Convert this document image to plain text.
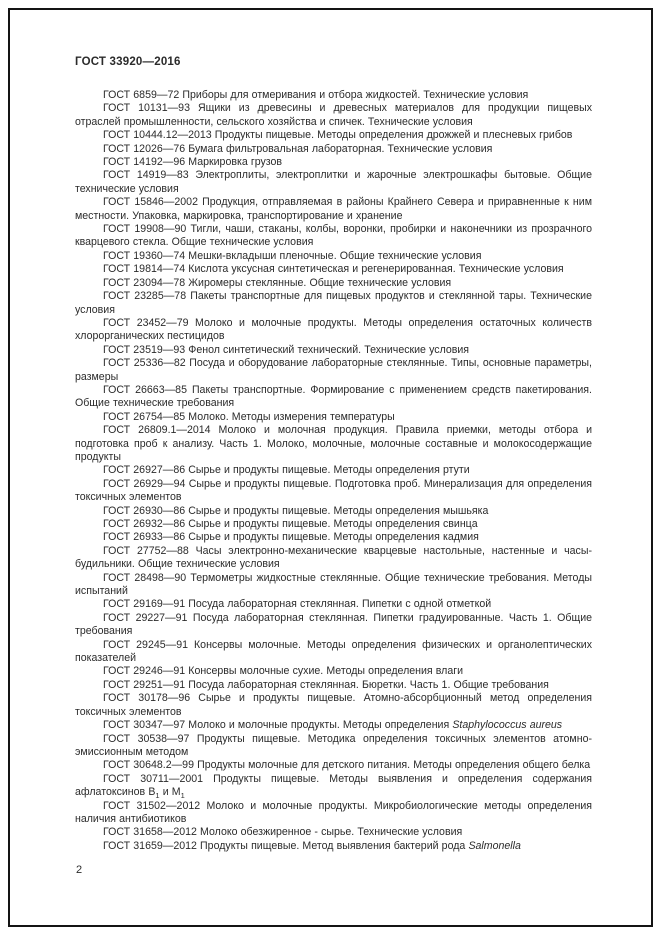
ГОСТ 33920—2016

ГОСТ 6859—72 Приборы для отмеривания и отбора жидкостей. Технические условия

ГОСТ 10131—93 Ящики из древесины и древесных материалов для продукции пищевых отраслей промышленности, сельского хозяйства и спичек. Технические условия

ГОСТ 10444.12—2013 Продукты пищевые. Методы определения дрожжей и плесневых грибов

ГОСТ 12026—76 Бумага фильтровальная лабораторная. Технические условия

ГОСТ 14192—96 Маркировка грузов

ГОСТ 14919—83 Электроплиты, электроплитки и жарочные электрошкафы бытовые. Общие технические условия

ГОСТ 15846—2002 Продукция, отправляемая в районы Крайнего Севера и приравненные к ним местности. Упаковка, маркировка, транспортирование и хранение

ГОСТ 19908—90 Тигли, чаши, стаканы, колбы, воронки, пробирки и наконечники из прозрачного кварцевого стекла. Общие технические условия

ГОСТ 19360—74 Мешки-вкладыши пленочные. Общие технические условия

ГОСТ 19814—74 Кислота уксусная синтетическая и регенерированная. Технические условия

ГОСТ 23094—78 Жиромеры стеклянные. Общие технические условия

ГОСТ 23285—78 Пакеты транспортные для пищевых продуктов и стеклянной тары. Технические условия

ГОСТ 23452—79 Молоко и молочные продукты. Методы определения остаточных количеств хлорорганических пестицидов

ГОСТ 23519—93 Фенол синтетический технический. Технические условия

ГОСТ 25336—82 Посуда и оборудование лабораторные стеклянные. Типы, основные параметры, размеры

ГОСТ 26663—85 Пакеты транспортные. Формирование с применением средств пакетирования. Общие технические требования

ГОСТ 26754—85 Молоко. Методы измерения температуры

ГОСТ 26809.1—2014 Молоко и молочная продукция. Правила приемки, методы отбора и подготовка проб к анализу. Часть 1. Молоко, молочные, молочные составные и молокосодержащие продукты

ГОСТ 26927—86 Сырье и продукты пищевые. Методы определения ртути

ГОСТ 26929—94 Сырье и продукты пищевые. Подготовка проб. Минерализация для определения токсичных элементов

ГОСТ 26930—86 Сырье и продукты пищевые. Методы определения мышьяка

ГОСТ 26932—86 Сырье и продукты пищевые. Методы определения свинца

ГОСТ 26933—86 Сырье и продукты пищевые. Методы определения кадмия

ГОСТ 27752—88 Часы электронно-механические кварцевые настольные, настенные и часы-будильники. Общие технические условия

ГОСТ 28498—90 Термометры жидкостные стеклянные. Общие технические требования. Методы испытаний

ГОСТ 29169—91 Посуда лабораторная стеклянная. Пипетки с одной отметкой

ГОСТ 29227—91 Посуда лабораторная стеклянная. Пипетки градуированные. Часть 1. Общие требования

ГОСТ 29245—91 Консервы молочные. Методы определения физических и органолептических показателей

ГОСТ 29246—91 Консервы молочные сухие. Методы определения влаги

ГОСТ 29251—91 Посуда лабораторная стеклянная. Бюретки. Часть 1. Общие требования

ГОСТ 30178—96 Сырье и продукты пищевые. Атомно-абсорбционный метод определения токсичных элементов

ГОСТ 30347—97 Молоко и молочные продукты. Методы определения Staphylococcus aureus

ГОСТ 30538—97 Продукты пищевые. Методика определения токсичных элементов атомно-эмиссионным методом

ГОСТ 30648.2—99 Продукты молочные для детского питания. Методы определения общего белка

ГОСТ 30711—2001 Продукты пищевые. Методы выявления и определения содержания афлатоксинов $B_1$ и $M_1$

ГОСТ 31502—2012 Молоко и молочные продукты. Микробиологические методы определения наличия антибиотиков

ГОСТ 31658—2012 Молоко обезжиренное - сырье. Технические условия

ГОСТ 31659—2012 Продукты пищевые. Метод выявления бактерий рода Salmonella

2
